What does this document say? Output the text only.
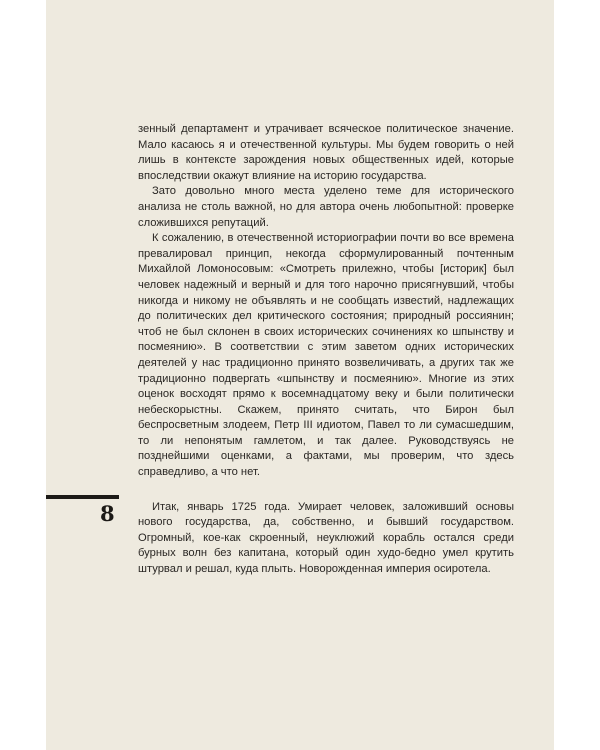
зенный департамент и утрачивает всяческое политическое значение. Мало касаюсь я и отечественной культуры. Мы будем говорить о ней лишь в контексте зарождения новых общественных идей, которые впоследствии окажут влияние на историю государства.

Зато довольно много места уделено теме для исторического анализа не столь важной, но для автора очень любопытной: проверке сложившихся репутаций.

К сожалению, в отечественной историографии почти во все времена превалировал принцип, некогда сформулированный почтенным Михайлой Ломоносовым: «Смотреть прилежно, чтобы [историк] был человек надежный и верный и для того нарочно присягнувший, чтобы никогда и никому не объявлять и не сообщать известий, надлежащих до политических дел критического состояния; природный россиянин; чтоб не был склонен в своих исторических сочинениях ко шпынству и посмеянию». В соответствии с этим заветом одних исторических деятелей у нас традиционно принято возвеличивать, а других так же традиционно подвергать «шпынству и посмеянию». Многие из этих оценок восходят прямо к восемнадцатому веку и были политически небескорыстны. Скажем, принято считать, что Бирон был беспросветным злодеем, Петр III идиотом, Павел то ли сумасшедшим, то ли непонятым гамлетом, и так далее. Руководствуясь не позднейшими оценками, а фактами, мы проверим, что здесь справедливо, а что нет.

Итак, январь 1725 года. Умирает человек, заложивший основы нового государства, да, собственно, и бывший государством. Огромный, кое-как скроенный, неуклюжий корабль остался среди бурных волн без капитана, который один худо-бедно умел крутить штурвал и решал, куда плыть. Новорожденная империя осиротела.

8
